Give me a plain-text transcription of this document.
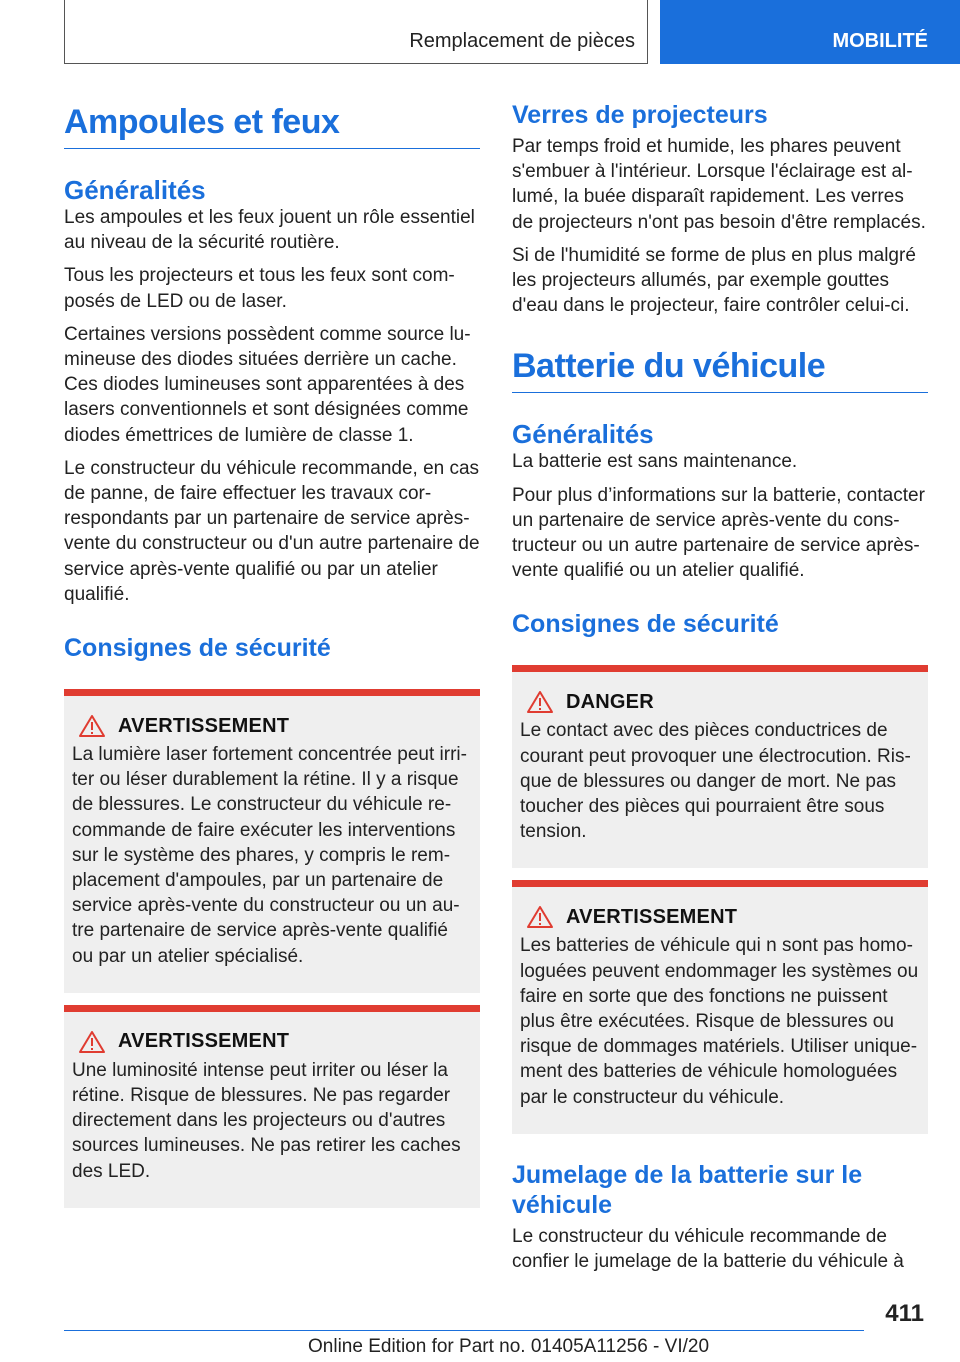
Remplacement de pièces	MOBILITÉ
Ampoules et feux
Généralités

Les ampoules et les feux jouent un rôle essentiel au niveau de la sécurité routière.

Tous les projecteurs et tous les feux sont composés de LED ou de laser.

Certaines versions possèdent comme source lumineuse des diodes situées derrière un cache. Ces diodes lumineuses sont apparentées à des lasers conventionnels et sont désignées comme diodes émettrices de lumière de classe 1.

Le constructeur du véhicule recommande, en cas de panne, de faire effectuer les travaux correspondants par un partenaire de service après-vente du constructeur ou d'un autre partenaire de service après-vente qualifié ou par un atelier qualifié.

Consignes de sécurité
AVERTISSEMENT

La lumière laser fortement concentrée peut irriter ou léser durablement la rétine. Il y a risque de blessures. Le constructeur du véhicule recommande de faire exécuter les interventions sur le système des phares, y compris le remplacement d'ampoules, par un partenaire de service après-vente du constructeur ou un autre partenaire de service après-vente qualifié ou par un atelier spécialisé.

AVERTISSEMENT

Une luminosité intense peut irriter ou léser la rétine. Risque de blessures. Ne pas regarder directement dans les projecteurs ou d'autres sources lumineuses. Ne pas retirer les caches des LED.

Verres de projecteurs

Par temps froid et humide, les phares peuvent s'embuer à l'intérieur. Lorsque l'éclairage est allumé, la buée disparaît rapidement. Les verres de projecteurs n'ont pas besoin d'être remplacés.

Si de l'humidité se forme de plus en plus malgré les projecteurs allumés, par exemple gouttes d'eau dans le projecteur, faire contrôler celui-ci.

Batterie du véhicule
Généralités

La batterie est sans maintenance.

Pour plus d’informations sur la batterie, contacter un partenaire de service après-vente du constructeur ou un autre partenaire de service après-vente qualifié ou un atelier qualifié.

Consignes de sécurité
DANGER

Le contact avec des pièces conductrices de courant peut provoquer une électrocution. Risque de blessures ou danger de mort. Ne pas toucher des pièces qui pourraient être sous tension.

AVERTISSEMENT

Les batteries de véhicule qui n sont pas homologuées peuvent endommager les systèmes ou faire en sorte que des fonctions ne puissent plus être exécutées. Risque de blessures ou risque de dommages matériels. Utiliser uniquement des batteries de véhicule homologuées par le constructeur du véhicule.

Jumelage de la batterie sur le véhicule

Le constructeur du véhicule recommande de confier le jumelage de la batterie du véhicule à

411
Online Edition for Part no. 01405A11256 - VI/20
